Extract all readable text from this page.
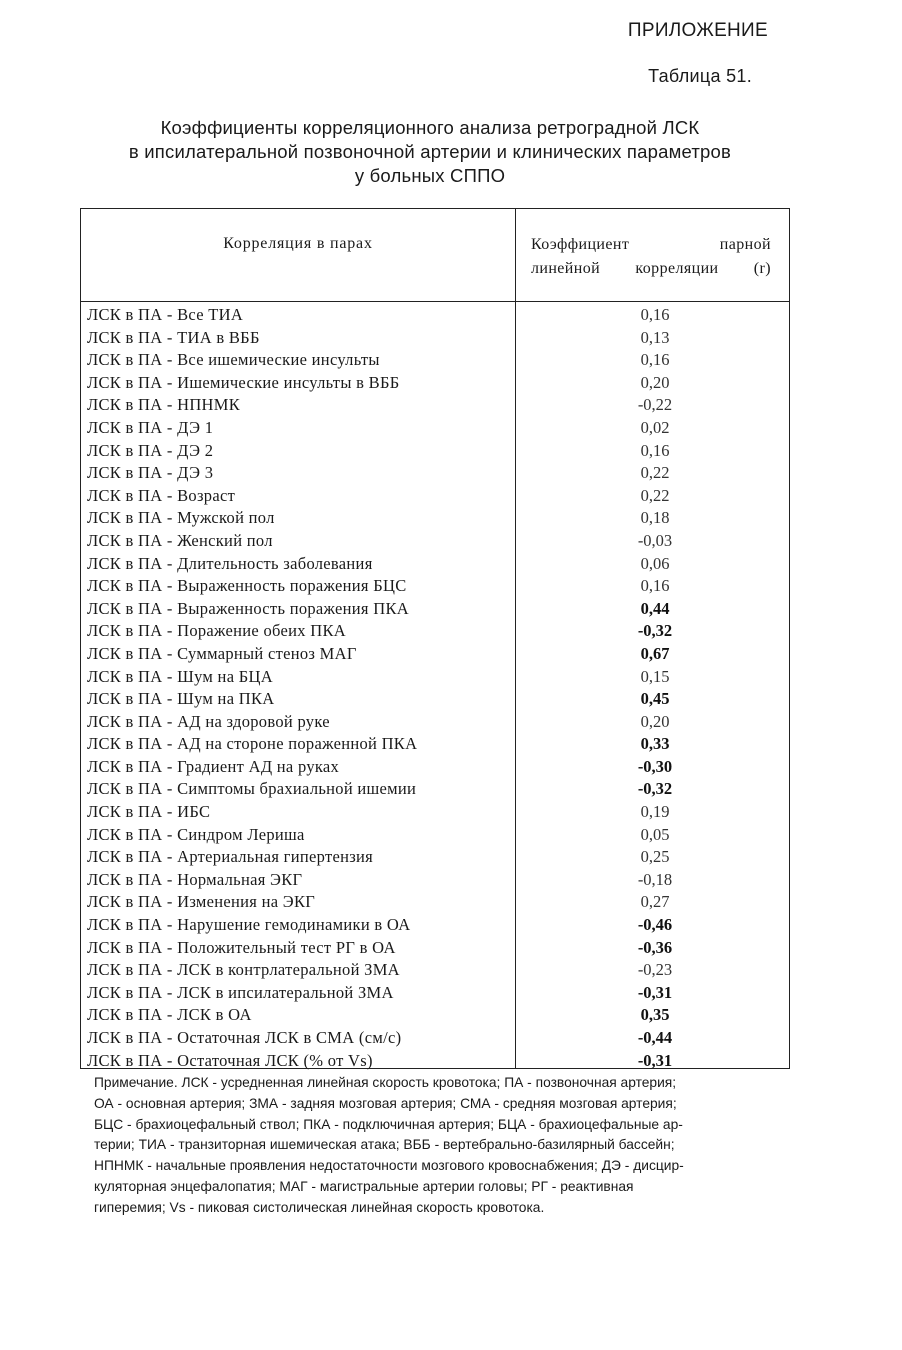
ПРИЛОЖЕНИЕ
Таблица 51.
Коэффициенты корреляционного анализа ретроградной ЛСК
в ипсилатеральной позвоночной артерии и клинических параметров
у больных СППО
Корреляция в парах	Коэффициент парной
линейной корреляции (r)
ЛСК в ПА - Все ТИА	0,16
ЛСК в ПА - ТИА в ВББ	0,13
ЛСК в ПА - Все ишемические инсульты	0,16
ЛСК в ПА - Ишемические инсульты в ВББ	0,20
ЛСК в ПА - НПНМК	-0,22
ЛСК в ПА - ДЭ 1	0,02
ЛСК в ПА - ДЭ 2	0,16
ЛСК в ПА - ДЭ 3	0,22
ЛСК в ПА - Возраст	0,22
ЛСК в ПА - Мужской пол	0,18
ЛСК в ПА - Женский пол	-0,03
ЛСК в ПА - Длительность заболевания	0,06
ЛСК в ПА - Выраженность поражения БЦС	0,16
ЛСК в ПА - Выраженность поражения ПКА	0,44
ЛСК в ПА - Поражение обеих ПКА	-0,32
ЛСК в ПА - Суммарный стеноз МАГ	0,67
ЛСК в ПА - Шум на БЦА	0,15
ЛСК в ПА - Шум на ПКА	0,45
ЛСК в ПА - АД на здоровой руке	0,20
ЛСК в ПА - АД на стороне пораженной ПКА	0,33
ЛСК в ПА - Градиент АД на руках	-0,30
ЛСК в ПА - Симптомы брахиальной ишемии	-0,32
ЛСК в ПА - ИБС	0,19
ЛСК в ПА - Синдром Лериша	0,05
ЛСК в ПА - Артериальная гипертензия	0,25
ЛСК в ПА - Нормальная ЭКГ	-0,18
ЛСК в ПА - Изменения на ЭКГ	0,27
ЛСК в ПА - Нарушение гемодинамики в ОА	-0,46
ЛСК в ПА - Положительный тест РГ в ОА	-0,36
ЛСК в ПА - ЛСК в контрлатеральной ЗМА	-0,23
ЛСК в ПА - ЛСК в ипсилатеральной ЗМА	-0,31
ЛСК в ПА - ЛСК в ОА	0,35
ЛСК в ПА - Остаточная ЛСК в СМА (см/с)	-0,44
ЛСК в ПА - Остаточная ЛСК (% от Vs)	-0,31
Примечание. ЛСК - усредненная линейная скорость кровотока; ПА - позвоночная артерия;
ОА - основная артерия; ЗМА - задняя мозговая артерия; СМА - средняя мозговая артерия;
БЦС - брахиоцефальный ствол; ПКА - подключичная артерия; БЦА - брахиоцефальные ар-
терии; ТИА - транзиторная ишемическая атака; ВББ - вертебрально-базилярный бассейн;
НПНМК - начальные проявления недостаточности мозгового кровоснабжения; ДЭ - дисцир-
куляторная энцефалопатия; МАГ - магистральные артерии головы; РГ - реактивная
гиперемия; Vs - пиковая систолическая линейная скорость кровотока.
